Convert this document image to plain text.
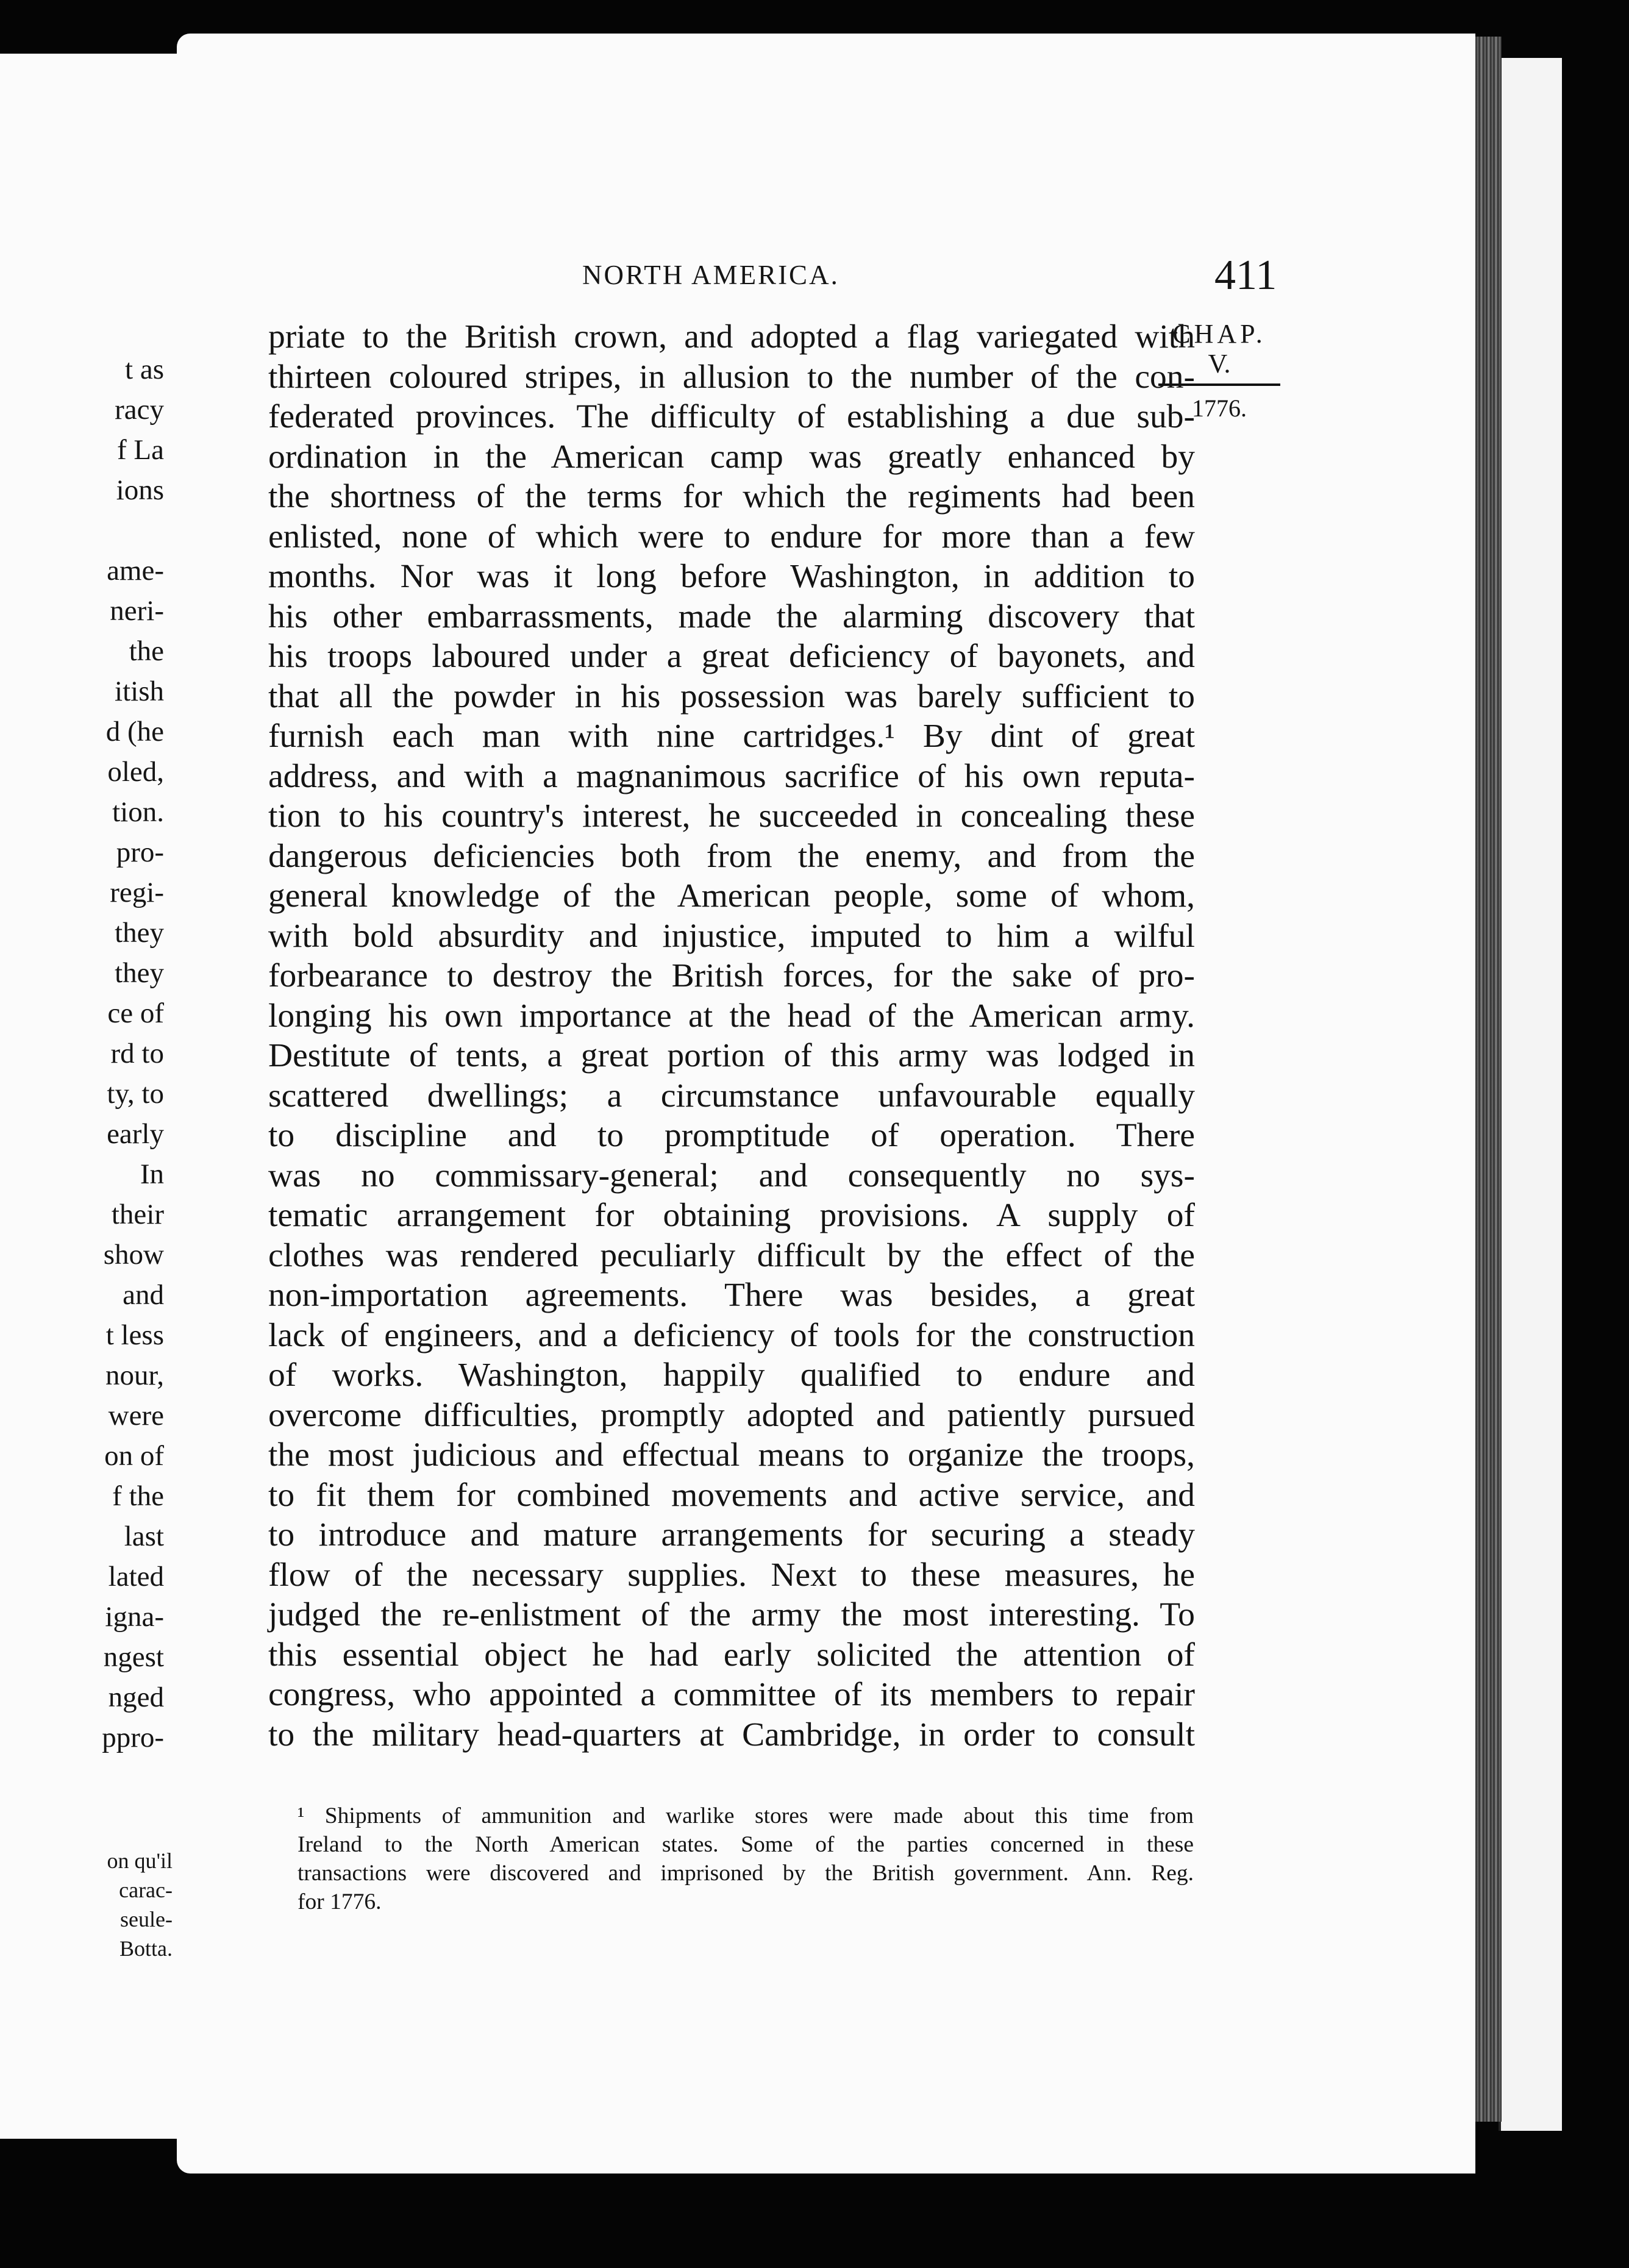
t as
racy
f La
ions

ame-
neri-
the
itish
d (he
oled,
tion.
pro-
regi-
they
they
ce of
rd to
ty, to
early
In
their
show
and
t less
nour,
were
on of
f the
last
lated
igna-
ngest
nged
ppro-
on qu'il
carac-
seule-
Botta.
NORTH AMERICA.	411
CHAP.
V.
1776.
priate to the British crown, and adopted a flag variegated with
thirteen coloured stripes, in allusion to the number of the con-
federated provinces. The difficulty of establishing a due sub-
ordination in the American camp was greatly enhanced by
the shortness of the terms for which the regiments had been
enlisted, none of which were to endure for more than a few
months. Nor was it long before Washington, in addition to
his other embarrassments, made the alarming discovery that
his troops laboured under a great deficiency of bayonets, and
that all the powder in his possession was barely sufficient to
furnish each man with nine cartridges.¹ By dint of great
address, and with a magnanimous sacrifice of his own reputa-
tion to his country's interest, he succeeded in concealing these
dangerous deficiencies both from the enemy, and from the
general knowledge of the American people, some of whom,
with bold absurdity and injustice, imputed to him a wilful
forbearance to destroy the British forces, for the sake of pro-
longing his own importance at the head of the American army.
Destitute of tents, a great portion of this army was lodged in
scattered dwellings; a circumstance unfavourable equally
to discipline and to promptitude of operation. There
was no commissary-general; and consequently no sys-
tematic arrangement for obtaining provisions. A supply of
clothes was rendered peculiarly difficult by the effect of the
non-importation agreements. There was besides, a great
lack of engineers, and a deficiency of tools for the construction
of works. Washington, happily qualified to endure and
overcome difficulties, promptly adopted and patiently pursued
the most judicious and effectual means to organize the troops,
to fit them for combined movements and active service, and
to introduce and mature arrangements for securing a steady
flow of the necessary supplies. Next to these measures, he
judged the re-enlistment of the army the most interesting. To
this essential object he had early solicited the attention of
congress, who appointed a committee of its members to repair
to the military head-quarters at Cambridge, in order to consult
¹ Shipments of ammunition and warlike stores were made about this time from
Ireland to the North American states. Some of the parties concerned in these
transactions were discovered and imprisoned by the British government. Ann. Reg.
for 1776.
